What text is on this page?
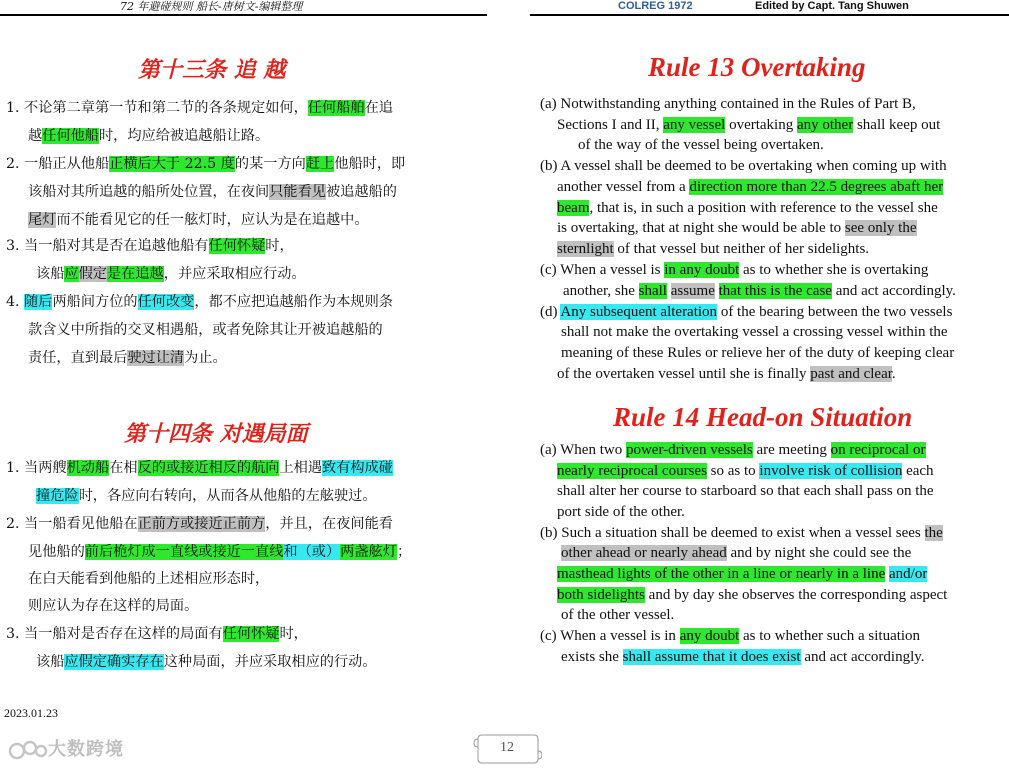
72 年避碰规则 船长-唐树文-编辑整理	COLREG 1972	Edited by Capt. Tang Shuwen
第十三条 追 越
1. 不论第二章第一节和第二节的各条规定如何，任何船舶在追
越任何他船时，均应给被追越船让路。
2. 一船正从他船正横后大于 22.5 度的某一方向赶上他船时，即
该船对其所追越的船所处位置，在夜间只能看见被追越船的
尾灯而不能看见它的任一舷灯时，应认为是在追越中。
3. 当一船对其是否在追越他船有任何怀疑时，
该船应假定是在追越，并应采取相应行动。
4. 随后两船间方位的任何改变，都不应把追越船作为本规则条
款含义中所指的交叉相遇船，或者免除其让开被追越船的
责任，直到最后驶过让清为止。
第十四条 对遇局面
1. 当两艘机动船在相反的或接近相反的航向上相遇致有构成碰
撞危险时，各应向右转向，从而各从他船的左舷驶过。
2. 当一船看见他船在正前方或接近正前方，并且，在夜间能看
见他船的前后桅灯成一直线或接近一直线和（或）两盏舷灯；
在白天能看到他船的上述相应形态时，
则应认为存在这样的局面。
3. 当一船对是否存在这样的局面有任何怀疑时，
该船应假定确实存在这种局面，并应采取相应的行动。
Rule 13 Overtaking
(a) Notwithstanding anything contained in the Rules of Part B,
Sections I and II, any vessel overtaking any other shall keep out
of the way of the vessel being overtaken.
(b) A vessel shall be deemed to be overtaking when coming up with
another vessel from a direction more than 22.5 degrees abaft her
beam, that is, in such a position with reference to the vessel she
is overtaking, that at night she would be able to see only the
sternlight of that vessel but neither of her sidelights.
(c) When a vessel is in any doubt as to whether she is overtaking
another, she shall assume that this is the case and act accordingly.
(d) Any subsequent alteration of the bearing between the two vessels
shall not make the overtaking vessel a crossing vessel within the
meaning of these Rules or relieve her of the duty of keeping clear
of the overtaken vessel until she is finally past and clear.
Rule 14 Head-on Situation
(a) When two power-driven vessels are meeting on reciprocal or
nearly reciprocal courses so as to involve risk of collision each
shall alter her course to starboard so that each shall pass on the
port side of the other.
(b) Such a situation shall be deemed to exist when a vessel sees the
other ahead or nearly ahead and by night she could see the
masthead lights of the other in a line or nearly in a line and/or
both sidelights and by day she observes the corresponding aspect
of the other vessel.
(c) When a vessel is in any doubt as to whether such a situation
exists she shall assume that it does exist and act accordingly.
2023.01.23
大数跨境	12
